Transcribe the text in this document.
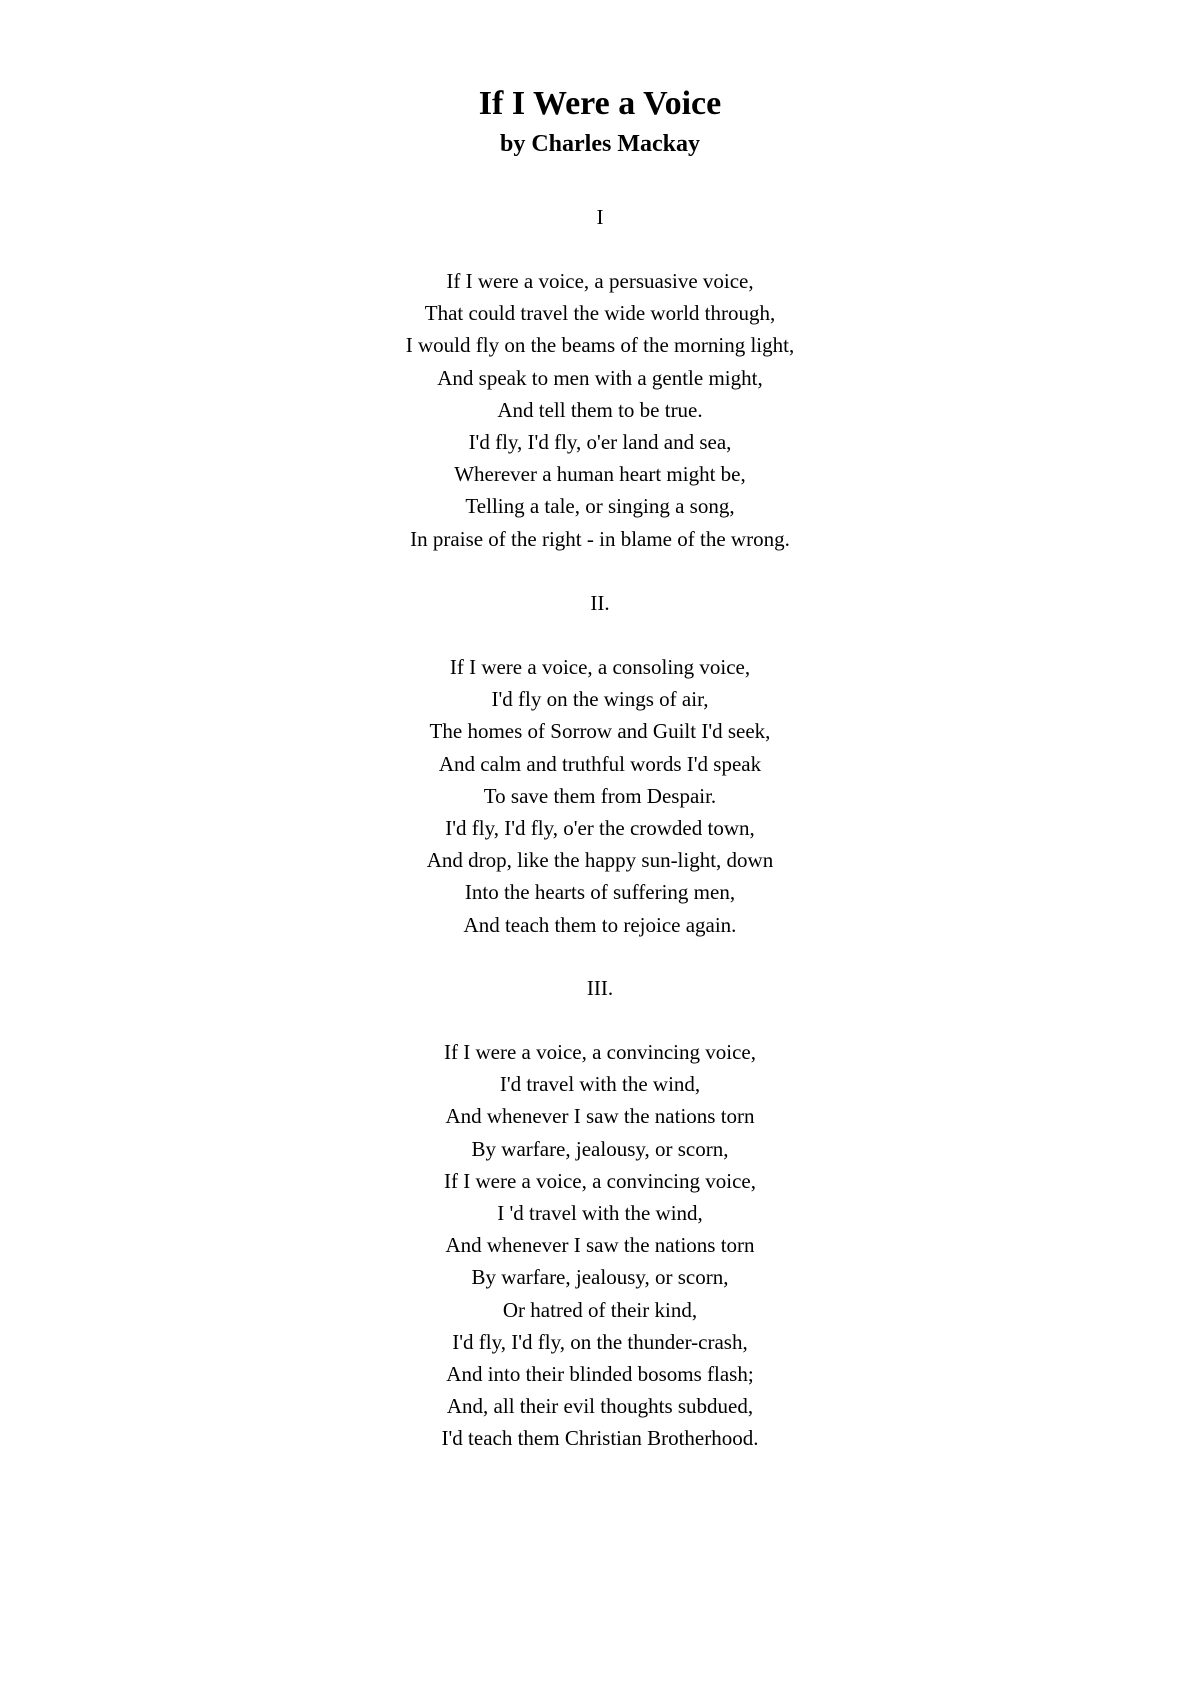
If I Were a Voice
by Charles Mackay
I
If I were a voice, a persuasive voice,
That could travel the wide world through,
I would fly on the beams of the morning light,
And speak to men with a gentle might,
And tell them to be true.
I'd fly, I'd fly, o'er land and sea,
Wherever a human heart might be,
Telling a tale, or singing a song,
In praise of the right - in blame of the wrong.
II.
If I were a voice, a consoling voice,
I'd fly on the wings of air,
The homes of Sorrow and Guilt I'd seek,
And calm and truthful words I'd speak
To save them from Despair.
I'd fly, I'd fly, o'er the crowded town,
And drop, like the happy sun-light, down
Into the hearts of suffering men,
And teach them to rejoice again.
III.
If I were a voice, a convincing voice,
I'd travel with the wind,
And whenever I saw the nations torn
By warfare, jealousy, or scorn,
If I were a voice, a convincing voice,
I 'd travel with the wind,
And whenever I saw the nations torn
By warfare, jealousy, or scorn,
Or hatred of their kind,
I'd fly, I'd fly, on the thunder-crash,
And into their blinded bosoms flash;
And, all their evil thoughts subdued,
I'd teach them Christian Brotherhood.
